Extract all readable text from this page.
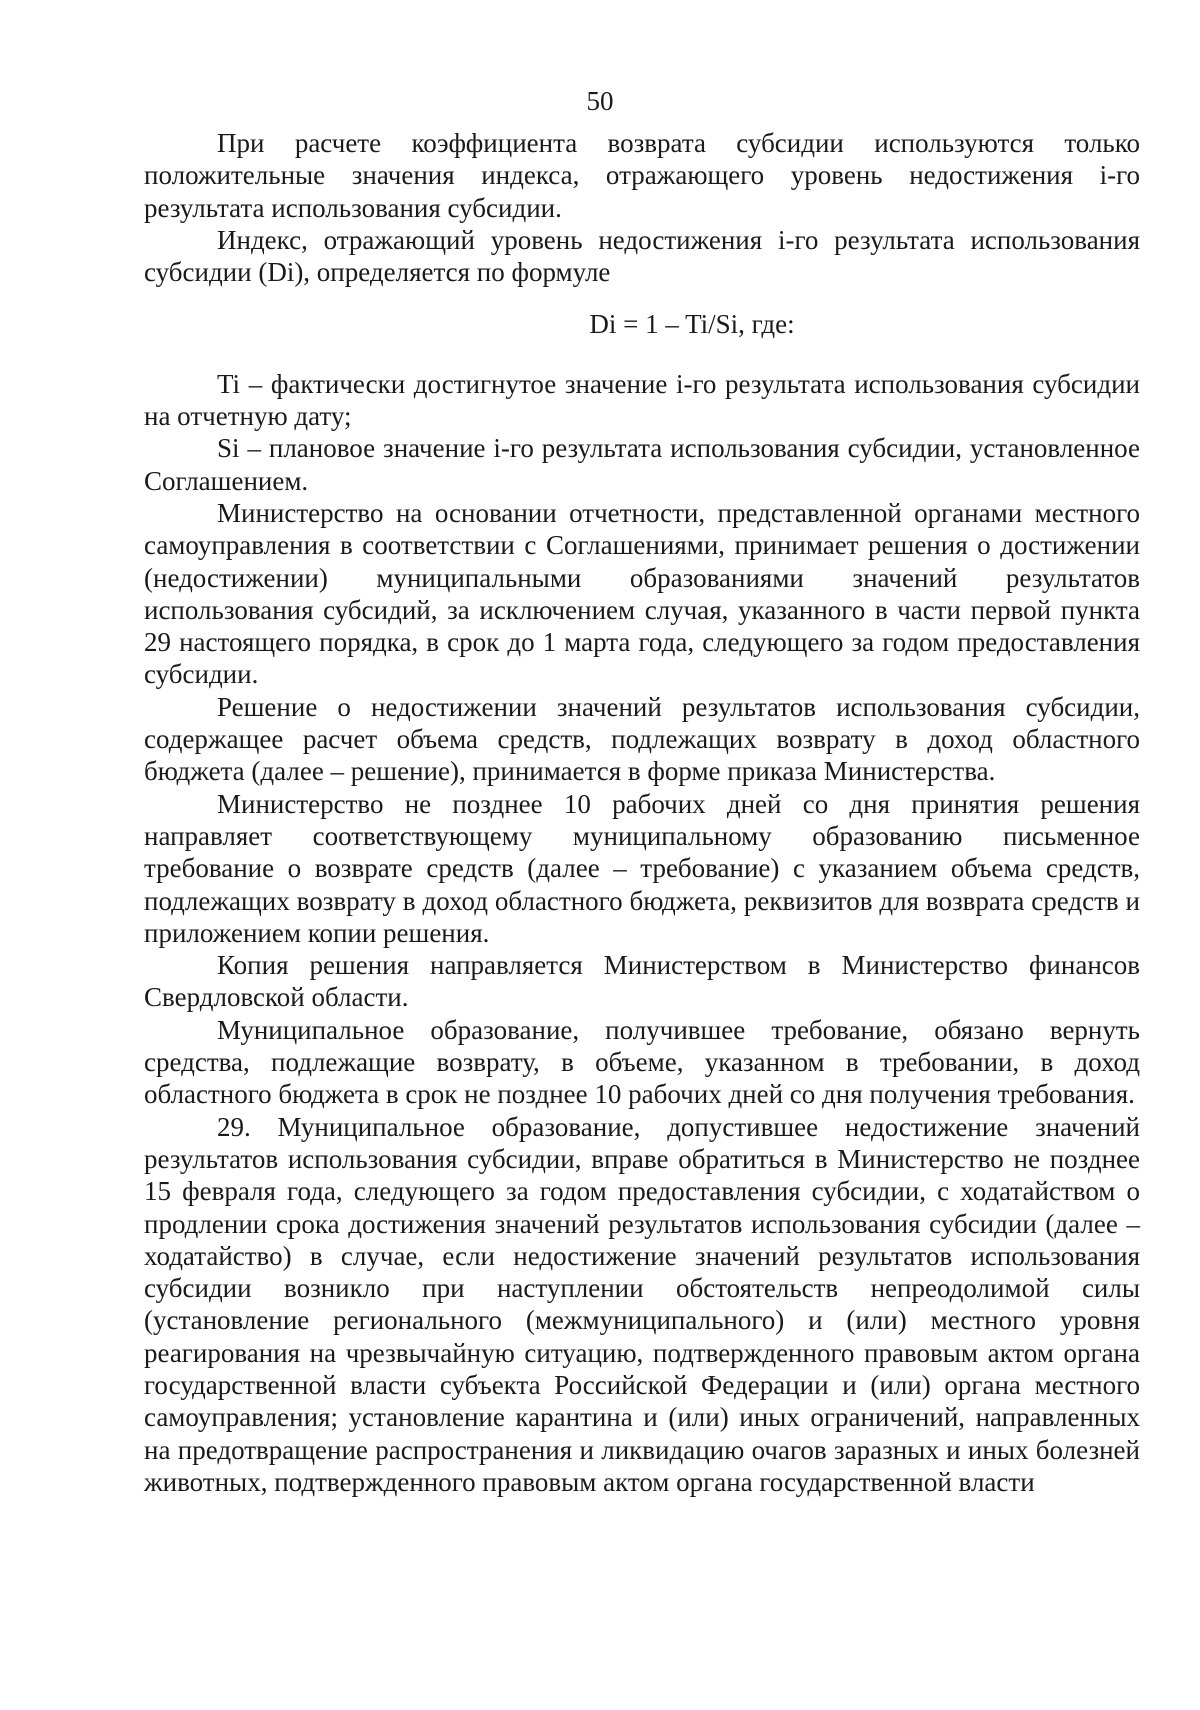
50

При расчете коэффициента возврата субсидии используются только положительные значения индекса, отражающего уровень недостижения i-го результата использования субсидии.

Индекс, отражающий уровень недостижения i-го результата использования субсидии (Di), определяется по формуле

Di = 1 – Ti/Si, где:

Ti – фактически достигнутое значение i-го результата использования субсидии на отчетную дату;

Si – плановое значение i-го результата использования субсидии, установленное Соглашением.

Министерство на основании отчетности, представленной органами местного самоуправления в соответствии с Соглашениями, принимает решения о достижении (недостижении) муниципальными образованиями значений результатов использования субсидий, за исключением случая, указанного в части первой пункта 29 настоящего порядка, в срок до 1 марта года, следующего за годом предоставления субсидии.

Решение о недостижении значений результатов использования субсидии, содержащее расчет объема средств, подлежащих возврату в доход областного бюджета (далее – решение), принимается в форме приказа Министерства.

Министерство не позднее 10 рабочих дней со дня принятия решения направляет соответствующему муниципальному образованию письменное требование о возврате средств (далее – требование) с указанием объема средств, подлежащих возврату в доход областного бюджета, реквизитов для возврата средств и приложением копии решения.

Копия решения направляется Министерством в Министерство финансов Свердловской области.

Муниципальное образование, получившее требование, обязано вернуть средства, подлежащие возврату, в объеме, указанном в требовании, в доход областного бюджета в срок не позднее 10 рабочих дней со дня получения требования.

29. Муниципальное образование, допустившее недостижение значений результатов использования субсидии, вправе обратиться в Министерство не позднее 15 февраля года, следующего за годом предоставления субсидии, с ходатайством о продлении срока достижения значений результатов использования субсидии (далее – ходатайство) в случае, если недостижение значений результатов использования субсидии возникло при наступлении обстоятельств непреодолимой силы (установление регионального (межмуниципального) и (или) местного уровня реагирования на чрезвычайную ситуацию, подтвержденного правовым актом органа государственной власти субъекта Российской Федерации и (или) органа местного самоуправления; установление карантина и (или) иных ограничений, направленных на предотвращение распространения и ликвидацию очагов заразных и иных болезней животных, подтвержденного правовым актом органа государственной власти
